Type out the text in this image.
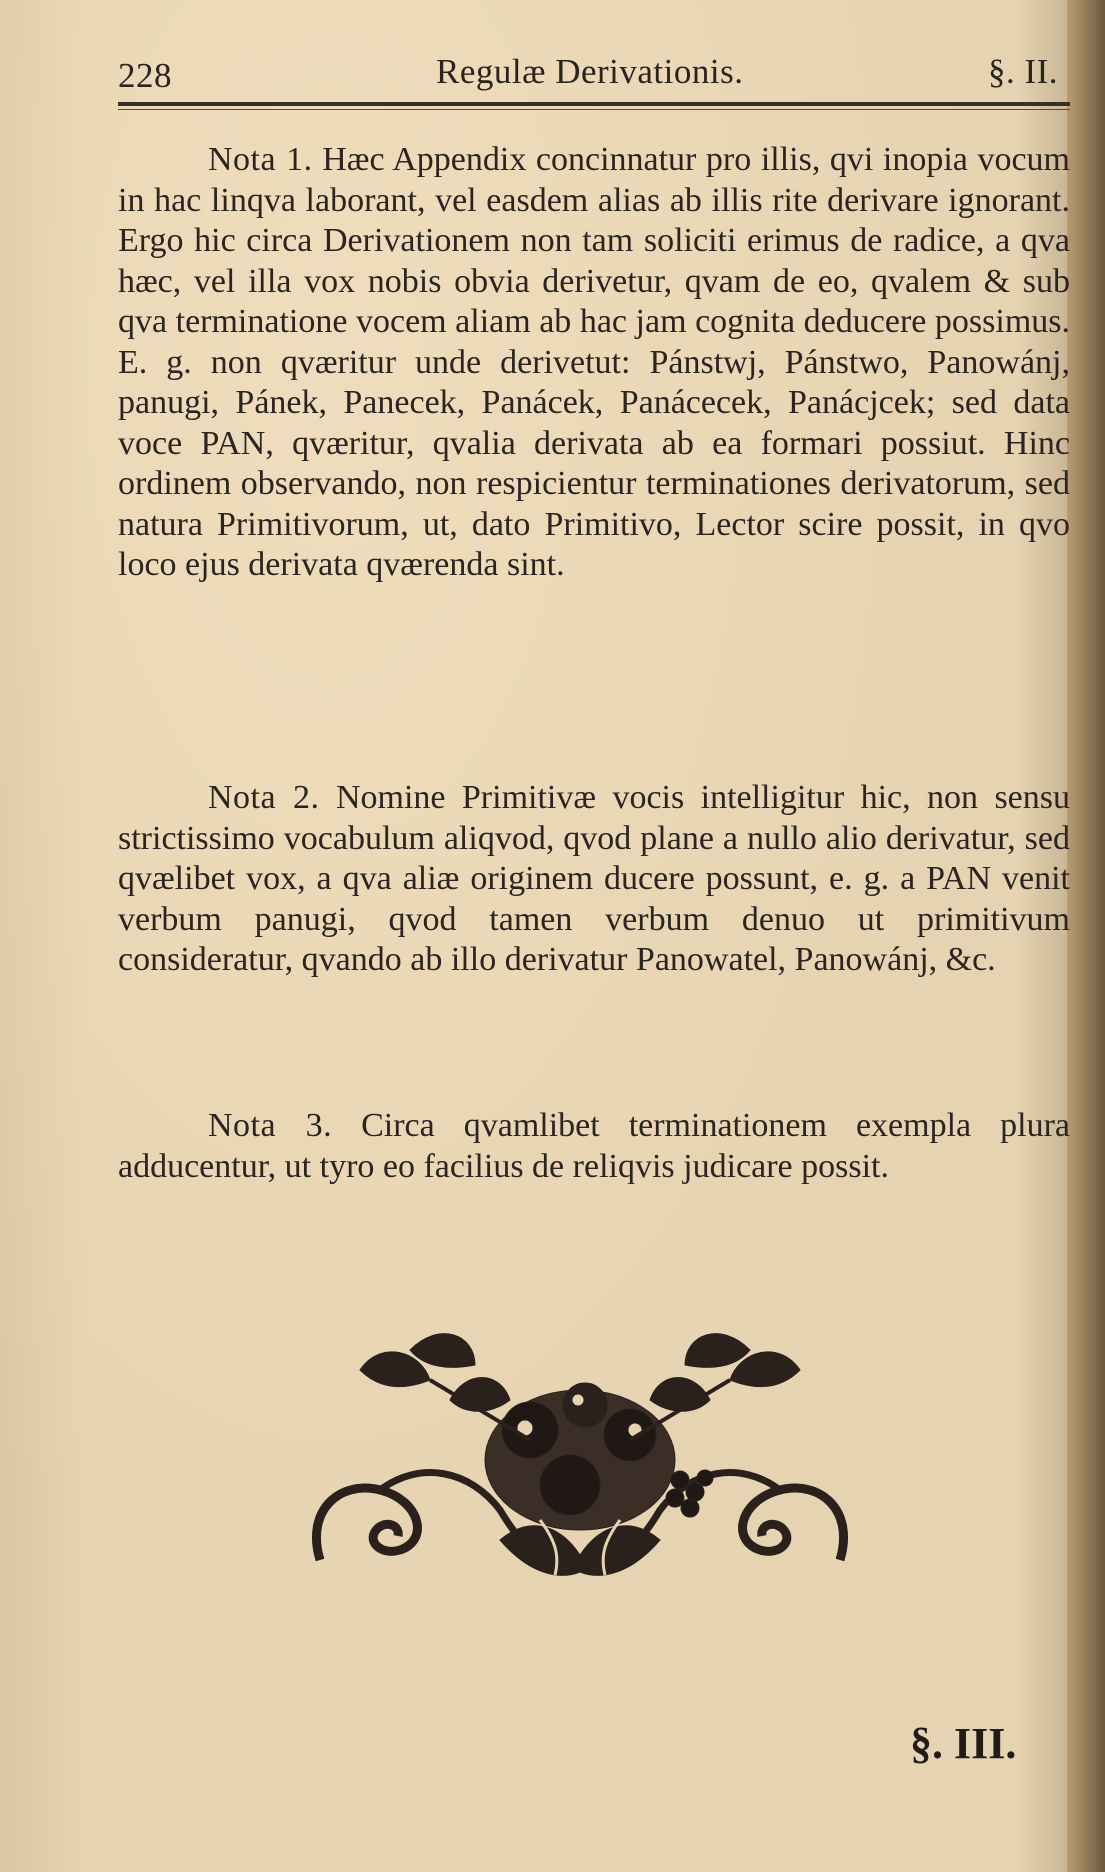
228	Regulæ Derivationis.	§. II.
Nota 1. Hæc Appendix concinnatur pro illis, qvi inopia vocum in hac linqva laborant, vel easdem alias ab illis rite derivare ignorant. Ergo hic circa Derivationem non tam soliciti erimus de radice, a qva hæc, vel illa vox nobis obvia derivetur, qvam de eo, qvalem & sub qva terminatione vocem aliam ab hac jam cognita deducere possimus. E. g. non qværitur unde derivetut: Pánstwj, Pánstwo, Panowánj, panugi, Pánek, Panecek, Panácek, Panácecek, Panácjcek; sed data voce PAN, qværitur, qvalia derivata ab ea formari possiut. Hinc ordinem observando, non respicientur terminationes derivatorum, sed natura Primitivorum, ut, dato Primitivo, Lector scire possit, in qvo loco ejus derivata qværenda sint.
Nota 2. Nomine Primitivæ vocis intelligitur hic, non sensu strictissimo vocabulum aliqvod, qvod plane a nullo alio derivatur, sed qvælibet vox, a qva aliæ originem ducere possunt, e. g. a PAN venit verbum panugi, qvod tamen verbum denuo ut primitivum consideratur, qvando ab illo derivatur Panowatel, Panowánj, &c.
Nota 3. Circa qvamlibet terminationem exempla plura adducentur, ut tyro eo facilius de reliqvis judicare possit.
§. III.
